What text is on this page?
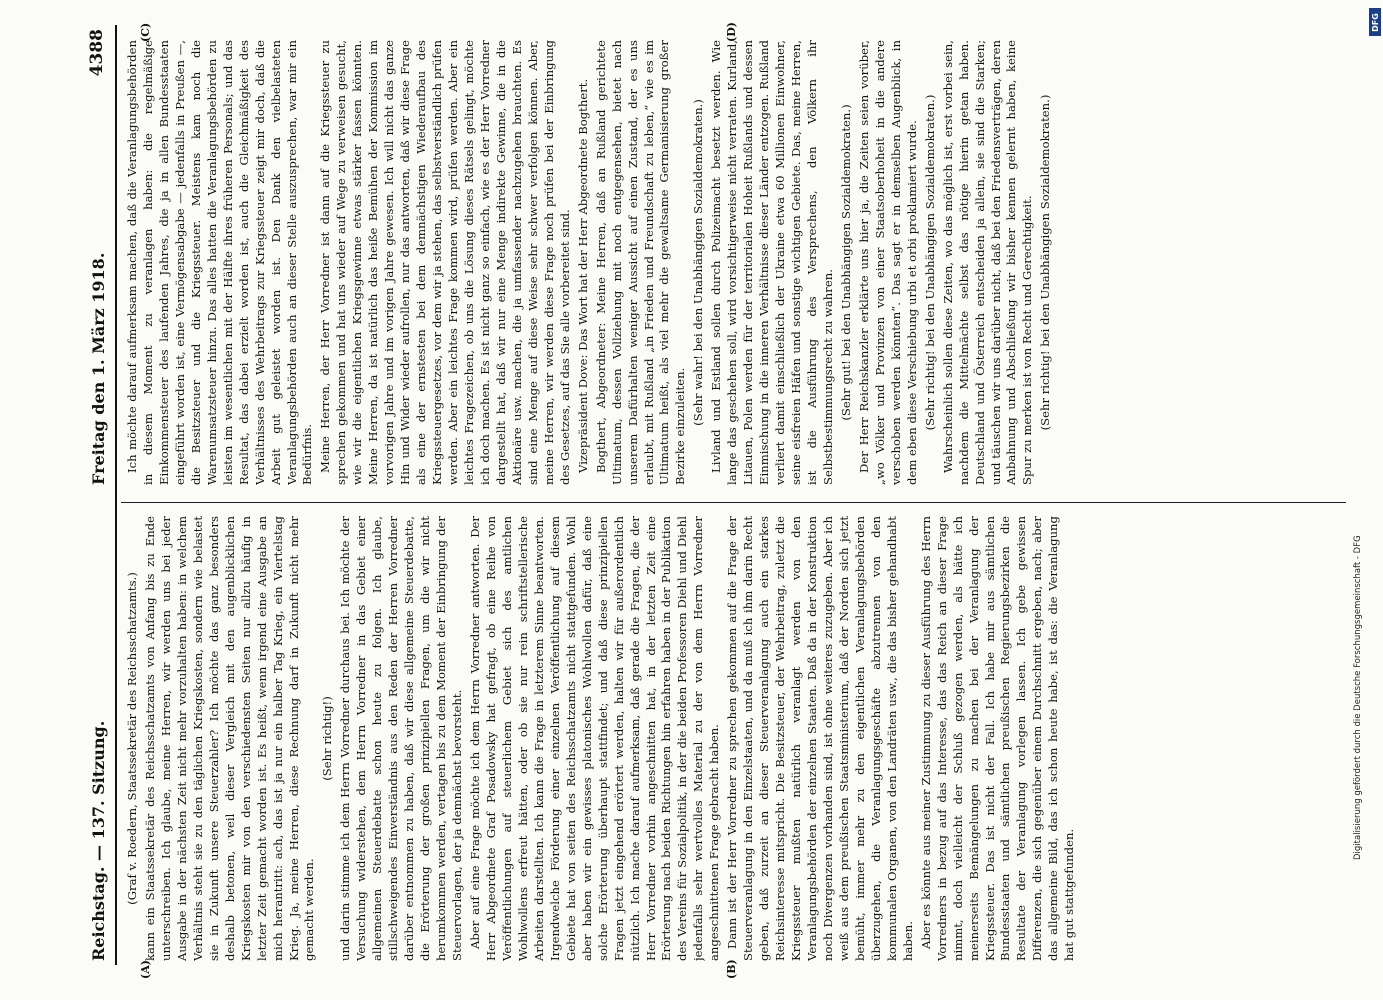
Reichstag. — 137. Sitzung.
Freitag den 1. März 1918.
4388
(A)	(B)
(C)	(D)

(Graf v. Roedern, Staatssekretär des Reichsschatzamts.) kann ein Staatssekretär des Reichsschatzamts von Anfang bis zu Ende unterschreiben. Ich glaube, meine Herren, wir werden uns bei jeder Ausgabe in der nächsten Zeit nicht mehr vorzuhalten haben: in welchem Verhältnis steht sie zu den täglichen Kriegskosten, sondern wie belastet sie in Zukunft unsere Steuerzahler? Ich möchte das ganz besonders deshalb betonen, weil dieser Vergleich mit den augenblicklichen Kriegskosten mir von den verschiedensten Seiten nur allzu häufig in letzter Zeit gemacht worden ist. Es heißt, wenn irgend eine Ausgabe an mich herantritt: ach, das ist ja nur ein halber Tag Krieg, ein Viertelstag Krieg. Ja, meine Herren, diese Rechnung darf in Zukunft nicht mehr gemacht werden.

(Sehr richtig!) und darin stimme ich dem Herrn Vorredner durchaus bei. Ich möchte der Versuchung widerstehen, dem Herrn Vorredner in das Gebiet einer allgemeinen Steuerdebatte schon heute zu folgen. Ich glaube, stillschweigendes Einverständnis aus den Reden der Herren Vorredner darüber entnommen zu haben, daß wir diese allgemeine Steuerdebatte, die Erörterung der großen prinzipiellen Fragen, um die wir nicht herumkommen werden, vertagen bis zu dem Moment der Einbringung der Steuervorlagen, der ja demnächst bevorsteht. Aber auf eine Frage möchte ich dem Herrn Vorredner antworten. Der Herr Abgeordnete Graf Posadowsky hat gefragt, ob eine Reihe von Veröffentlichungen auf steuerlichem Gebiet sich des amtlichen Wohlwollens erfreut hätten, oder ob sie nur rein schriftstellerische Arbeiten darstellten. Ich kann die Frage in letzterem Sinne beantworten. Irgendwelche Förderung einer einzelnen Veröffentlichung auf diesem Gebiete hat von seiten des Reichsschatzamts nicht stattgefunden. Wohl aber haben wir ein gewisses platonisches Wohlwollen dafür, daß eine solche Erörterung überhaupt stattfindet; und daß diese prinzipiellen Fragen jetzt eingehend erörtert werden, halten wir für außerordentlich nützlich. Ich mache darauf aufmerksam, daß gerade die Fragen, die der Herr Vorredner vorhin angeschnitten hat, in der letzten Zeit eine Erörterung nach beiden Richtungen hin erfahren haben in der Publikation des Vereins für Sozialpolitik, in der die beiden Professoren Diehl und Diehl jedenfalls sehr wertvolles Material zu der von dem Herrn Vorredner angeschnittenen Frage gebracht haben. Dann ist der Herr Vorredner zu sprechen gekommen auf die Frage der Steuerveranlagung in den Einzelstaaten, und da muß ich ihm darin Recht geben, daß zurzeit an dieser Steuerveranlagung auch ein starkes Reichsinteresse mitspricht. Die Besitzsteuer, der Wehrbeitrag, zuletzt die Kriegssteuer mußten natürlich veranlagt werden von den Veranlagungsbehörden der einzelnen Staaten. Daß da in der Konstruktion noch Divergenzen vorhanden sind, ist ohne weiteres zuzugeben. Aber ich weiß aus dem preußischen Staatsministerium, daß der Norden sich jetzt bemüht, immer mehr zu den eigentlichen Veranlagungsbehörden überzugehen, die Veranlagungsgeschäfte abzutrennen von den kommunalen Organen, von den Landräten usw., die das bisher gehandhabt haben. Aber es könnte aus meiner Zustimmung zu dieser Ausführung des Herrn Vorredners in bezug auf das Interesse, das das Reich an dieser Frage nimmt, doch vielleicht der Schluß gezogen werden, als hätte ich meinerseits Bemängelungen zu machen bei der Veranlagung der Kriegssteuer. Das ist nicht der Fall. Ich habe mir aus sämtlichen Bundesstaaten und sämtlichen preußischen Regierungsbezirken die Resultate der Veranlagung vorlegen lassen. Ich gebe gewissen Differenzen, die sich gegenüber einem Durchschnitt ergeben, nach; aber das allgemeine Bild, das ich schon heute habe, ist das: die Veranlagung hat gut stattgefunden.

Ich möchte darauf aufmerksam machen, daß die Veranlagungsbehörden in diesem Moment zu veranlagen haben: die regelmäßige Einkommensteuer des laufenden Jahres, die ja in allen Bundesstaaten eingeführt worden ist, eine Vermögensabgabe — jedenfalls in Preußen —, die Besitzsteuer und die Kriegssteuer. Meistens kam noch die Warenumsatzsteuer hinzu. Das alles hatten die Veranlagungsbehörden zu leisten im wesentlichen mit der Hälfte ihres früheren Personals; und das Resultat, das dabei erzielt worden ist, auch die Gleichmäßigkeit des Verhältnisses des Wehrbeitrags zur Kriegssteuer zeigt mir doch, daß die Arbeit gut geleistet worden ist. Den Dank den vielbelasteten Veranlagungsbehörden auch an dieser Stelle auszusprechen, war mir ein Bedürfnis. Meine Herren, der Herr Vorredner ist dann auf die Kriegssteuer zu sprechen gekommen und hat uns wieder auf Wege zu verweisen gesucht, wie wir die eigentlichen Kriegsgewinne etwas stärker fassen könnten. Meine Herren, da ist natürlich das heiße Bemühen der Kommission im vorvorigen Jahre und im vorigen Jahre gewesen. Ich will nicht das ganze Hin und Wider wieder aufrollen, nur das antworten, daß wir diese Frage als eine der ernstesten bei dem demnächstigen Wiederaufbau des Kriegssteuergesetzes, vor dem wir ja stehen, das selbstverständlich prüfen werden. Aber ein leichtes Frage kommen wird, prüfen werden. Aber ein leichtes Fragezeichen, ob uns die Lösung dieses Rätsels gelingt, möchte ich doch machen. Es ist nicht ganz so einfach, wie es der Herr Vorredner dargestellt hat, daß wir nur eine Menge indirekte Gewinne, die in die Aktionäre usw. machen, die ja umfassender nachzugehen brauchten. Es sind eine Menge auf diese Weise sehr schwer verfolgen können. Aber, meine Herren, wir werden diese Frage noch prüfen bei der Einbringung des Gesetzes, auf das Sie alle vorbereitet sind. Vizepräsident Dove: Das Wort hat der Herr Abgeordnete Bogthert. Bogthert, Abgeordneter: Meine Herren, daß an Rußland gerichtete Ultimatum, dessen Vollziehung mit noch entgegensehen, bietet nach unserem Dafürhalten weniger Aussicht auf einen Zustand, der es uns erlaubt, mit Rußland „in Frieden und Freundschaft zu leben,“ wie es im Ultimatum heißt, als viel mehr die gewaltsame Germanisierung großer Bezirke einzuleiten.

(Sehr wahr! bei den Unabhängigen Sozialdemokraten.) Livland und Estland sollen durch Polizeimacht besetzt werden. Wie lange das geschehen soll, wird vorsichtigerweise nicht verraten. Kurland, Litauen, Polen werden für der territorialen Hoheit Rußlands und dessen Einmischung in die inneren Verhältnisse dieser Länder entzogen. Rußland verliert damit einschließlich der Ukraine etwa 60 Millionen Einwohner, seine eisfreien Häfen und sonstige wichtigen Gebiete. Das, meine Herren, ist die Ausführung des Versprechens, den Völkern ihr Selbstbestimmungsrecht zu wahren. (Sehr gut! bei den Unabhängigen Sozialdemokraten.) Der Herr Reichskanzler erklärte uns hier ja, die Zeiten seien vorüber, „wo Völker und Provinzen von einer Staatsoberhoheit in die andere verschoben werden könnten“. Das sagt er in demselben Augenblick, in dem eben diese Verschiebung urbi et orbi proklamiert wurde. (Sehr richtig! bei den Unabhängigen Sozialdemokraten.) Wahrscheinlich sollen diese Zeiten, wo das möglich ist, erst vorbei sein, nachdem die Mittelmächte selbst das nötige hierin getan haben. Deutschland und Österreich entscheiden ja allein, sie sind die Starken; und täuschen wir uns darüber nicht, daß bei den Friedensverträgen, deren Anbahnung und Abschließung wir bisher kennen gelernt haben, keine Spur zu merken ist von Recht und Gerechtigkeit. (Sehr richtig! bei den Unabhängigen Sozialdemokraten.)

DFG
Digitalisierung gefördert durch die Deutsche Forschungsgemeinschaft - DFG
